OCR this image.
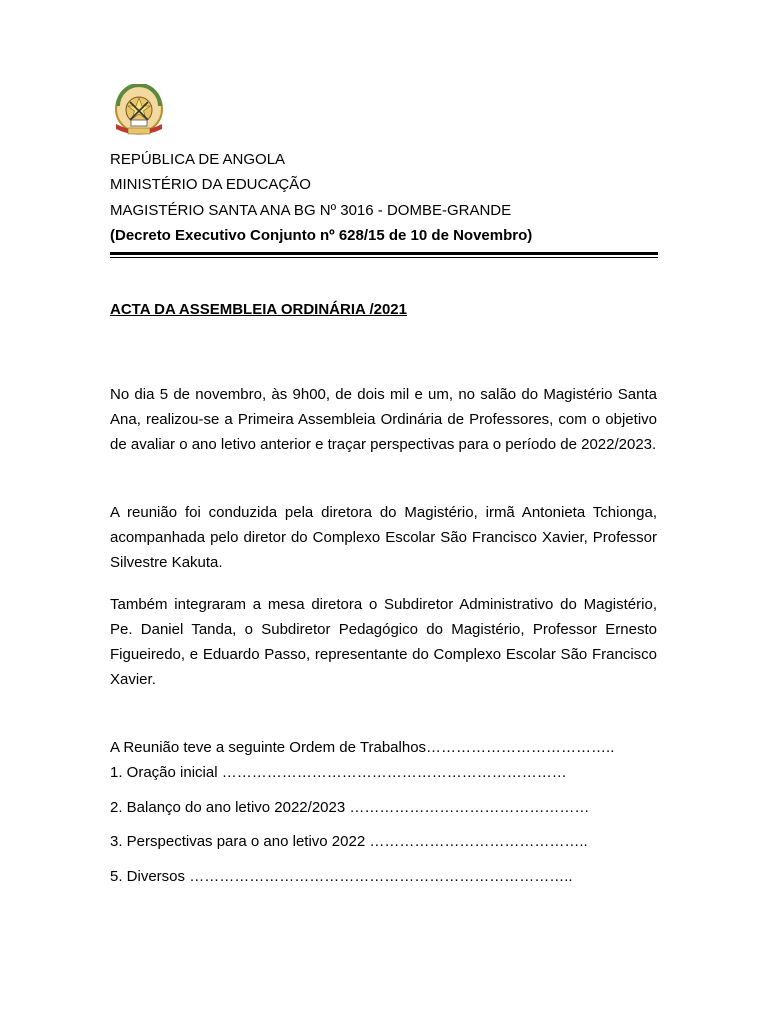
REPÚBLICA DE ANGOLA
MINISTÉRIO DA EDUCAÇÃO
MAGISTÉRIO SANTA ANA BG Nº 3016 - DOMBE-GRANDE
(Decreto Executivo Conjunto nº 628/15 de 10 de Novembro)
ACTA DA ASSEMBLEIA ORDINÁRIA /2021

No dia 5 de novembro, às 9h00, de dois mil e um, no salão do Magistério Santa Ana, realizou-se a Primeira Assembleia Ordinária de Professores, com o objetivo de avaliar o ano letivo anterior e traçar perspectivas para o período de 2022/2023.

A reunião foi conduzida pela diretora do Magistério, irmã Antonieta Tchionga, acompanhada pelo diretor do Complexo Escolar São Francisco Xavier, Professor Silvestre Kakuta.

Também integraram a mesa diretora o Subdiretor Administrativo do Magistério, Pe. Daniel Tanda, o Subdiretor Pedagógico do Magistério, Professor Ernesto Figueiredo, e Eduardo Passo, representante do Complexo Escolar São Francisco Xavier.

A Reunião teve a seguinte Ordem de Trabalhos………………………………..
1. Oração inicial ……………………………………………………………
2. Balanço do ano letivo 2022/2023 …………………………………………
3. Perspectivas para o ano letivo 2022 ……………………………………..
5. Diversos …………………………………………………………………..
